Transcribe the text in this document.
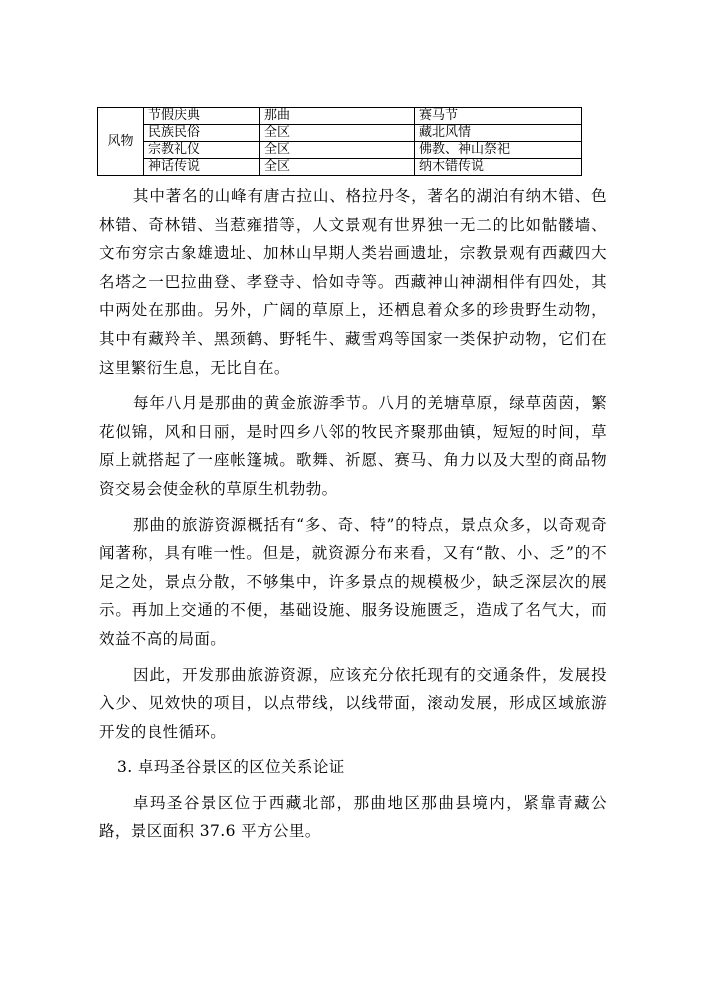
风物	节假庆典	那曲	赛马节
	民族民俗	全区	藏北风情
	宗教礼仪	全区	佛教、神山祭祀
	神话传说	全区	纳木错传说

其中著名的山峰有唐古拉山、格拉丹冬，著名的湖泊有纳木错、色林错、奇林错、当惹雍措等，人文景观有世界独一无二的比如骷髅墙、文布穷宗古象雄遗址、加林山早期人类岩画遗址，宗教景观有西藏四大名塔之一巴拉曲登、孝登寺、恰如寺等。西藏神山神湖相伴有四处，其中两处在那曲。另外，广阔的草原上，还栖息着众多的珍贵野生动物，其中有藏羚羊、黑颈鹤、野牦牛、藏雪鸡等国家一类保护动物，它们在这里繁衍生息，无比自在。

每年八月是那曲的黄金旅游季节。八月的羌塘草原，绿草茵茵，繁花似锦，风和日丽，是时四乡八邻的牧民齐聚那曲镇，短短的时间，草原上就搭起了一座帐篷城。歌舞、祈愿、赛马、角力以及大型的商品物资交易会使金秋的草原生机勃勃。

那曲的旅游资源概括有“多、奇、特”的特点，景点众多，以奇观奇闻著称，具有唯一性。但是，就资源分布来看，又有“散、小、乏”的不足之处，景点分散，不够集中，许多景点的规模极少，缺乏深层次的展示。再加上交通的不便，基础设施、服务设施匮乏，造成了名气大，而效益不高的局面。

因此，开发那曲旅游资源，应该充分依托现有的交通条件，发展投入少、见效快的项目，以点带线，以线带面，滚动发展，形成区域旅游开发的良性循环。

3. 卓玛圣谷景区的区位关系论证

卓玛圣谷景区位于西藏北部，那曲地区那曲县境内，紧靠青藏公路，景区面积 37.6 平方公里。
